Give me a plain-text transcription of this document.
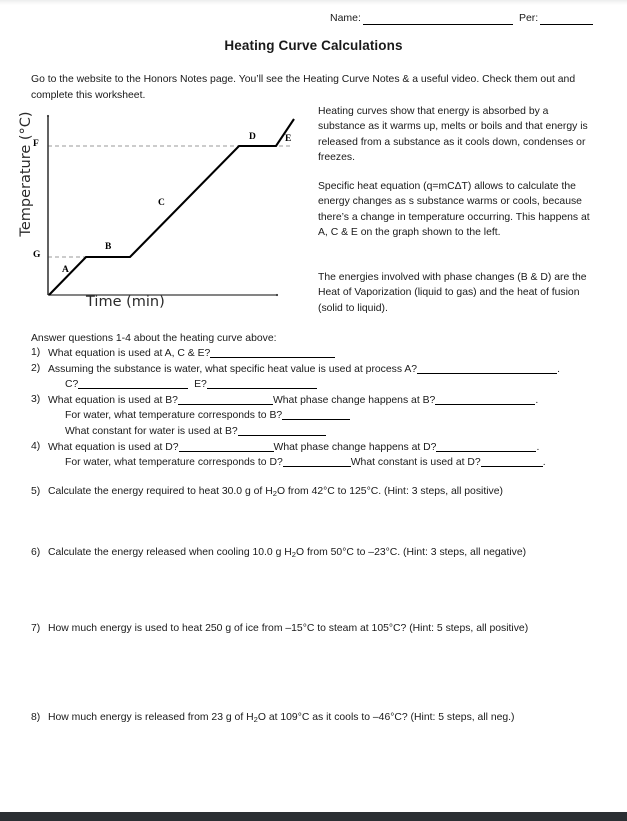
Name:	Per:
Heating Curve Calculations
Go to the website to the Honors Notes page. You’ll see the Heating Curve Notes & a useful video. Check them out and complete this worksheet.
Temperature (°C)
Time (min)
F
G
A
B
C
D	E
Heating curves show that energy is absorbed by a substance as it warms up, melts or boils and that energy is released from a substance as it cools down, condenses or freezes.
Specific heat equation (q=mCΔT) allows to calculate the energy changes as s substance warms or cools, because there’s a change in temperature occurring. This happens at A, C & E on the graph shown to the left.
The energies involved with phase changes (B & D) are the Heat of Vaporization (liquid to gas) and the heat of fusion (solid to liquid).
Answer questions 1-4 about the heating curve above:
1) What equation is used at A, C & E?
2) Assuming the substance is water, what specific heat value is used at process A?	.
C?	E?
3) What equation is used at B?	What phase change happens at B?	.
For water, what temperature corresponds to B?
What constant for water is used at B?
4) What equation is used at D?	What phase change happens at D?	.
For water, what temperature corresponds to D?	What constant is used at D?	.
5) Calculate the energy required to heat 30.0 g of $H_2O$ from 42°C to 125°C. (Hint: 3 steps, all positive)
6) Calculate the energy released when cooling 10.0 g $H_2O$ from 50°C to –23°C. (Hint: 3 steps, all negative)
7) How much energy is used to heat 250 g of ice from –15°C to steam at 105°C? (Hint: 5 steps, all positive)
8) How much energy is released from 23 g of $H_2O$ at 109°C as it cools to –46°C? (Hint: 5 steps, all neg.)
